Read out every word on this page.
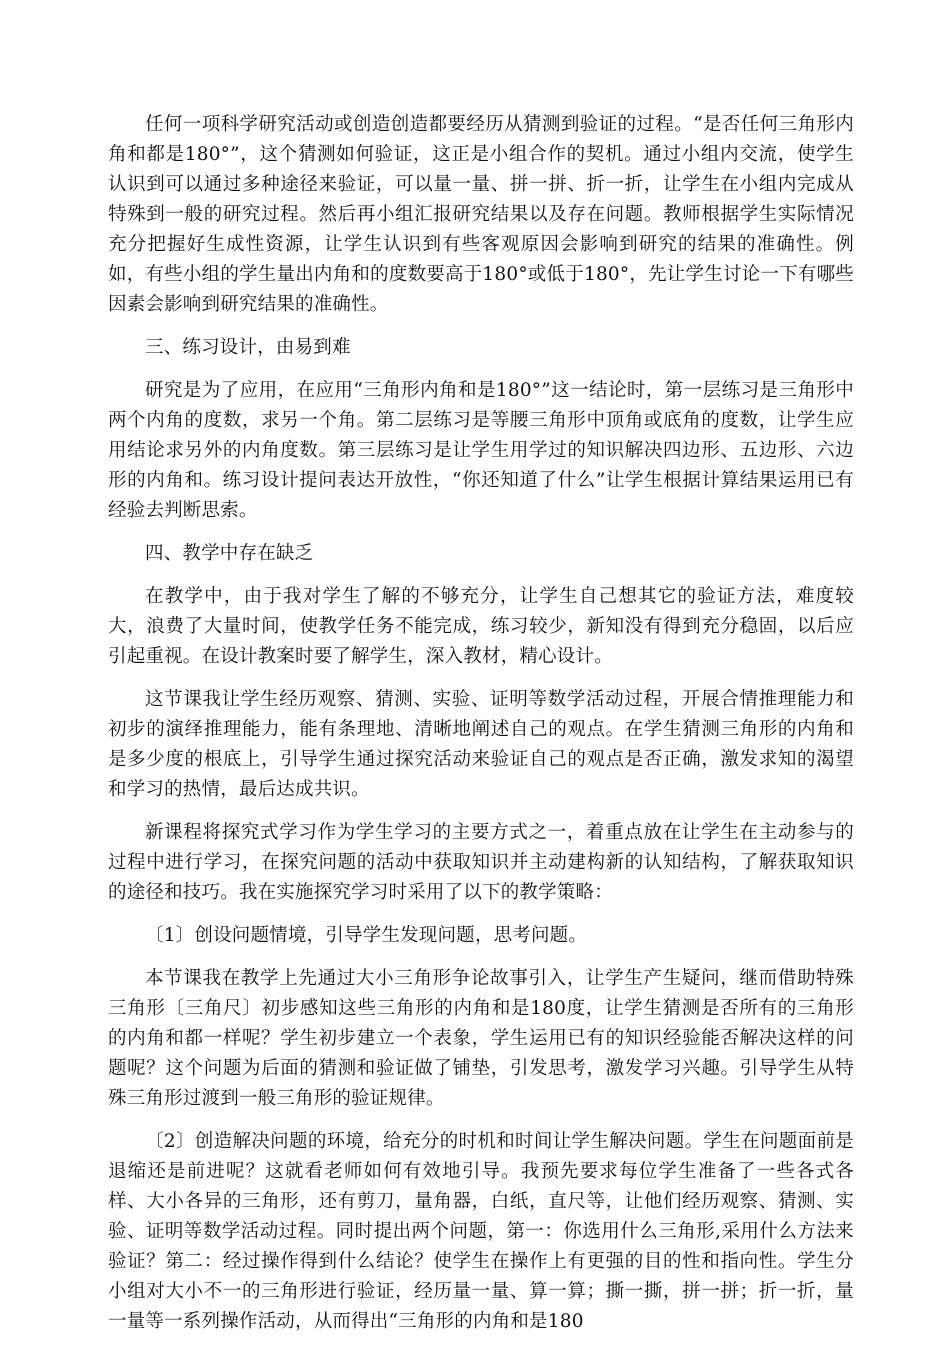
任何一项科学研究活动或创造创造都要经历从猜测到验证的过程。“是否任何三角形内角和都是180°”，这个猜测如何验证，这正是小组合作的契机。通过小组内交流，使学生认识到可以通过多种途径来验证，可以量一量、拼一拼、折一折，让学生在小组内完成从特殊到一般的研究过程。然后再小组汇报研究结果以及存在问题。教师根据学生实际情况充分把握好生成性资源，让学生认识到有些客观原因会影响到研究的结果的准确性。例如，有些小组的学生量出内角和的度数要高于180°或低于180°，先让学生讨论一下有哪些因素会影响到研究结果的准确性。

三、练习设计，由易到难

研究是为了应用，在应用“三角形内角和是180°”这一结论时，第一层练习是三角形中两个内角的度数，求另一个角。第二层练习是等腰三角形中顶角或底角的度数，让学生应用结论求另外的内角度数。第三层练习是让学生用学过的知识解决四边形、五边形、六边形的内角和。练习设计提问表达开放性，“你还知道了什么”让学生根据计算结果运用已有经验去判断思索。

四、教学中存在缺乏

在教学中，由于我对学生了解的不够充分，让学生自己想其它的验证方法，难度较大，浪费了大量时间，使教学任务不能完成，练习较少，新知没有得到充分稳固，以后应引起重视。在设计教案时要了解学生，深入教材，精心设计。

这节课我让学生经历观察、猜测、实验、证明等数学活动过程，开展合情推理能力和初步的演绎推理能力，能有条理地、清晰地阐述自己的观点。在学生猜测三角形的内角和是多少度的根底上，引导学生通过探究活动来验证自己的观点是否正确，激发求知的渴望和学习的热情，最后达成共识。

新课程将探究式学习作为学生学习的主要方式之一，着重点放在让学生在主动参与的过程中进行学习，在探究问题的活动中获取知识并主动建构新的认知结构，了解获取知识的途径和技巧。我在实施探究学习时采用了以下的教学策略：

〔1〕创设问题情境，引导学生发现问题，思考问题。

本节课我在教学上先通过大小三角形争论故事引入，让学生产生疑问，继而借助特殊三角形〔三角尺〕初步感知这些三角形的内角和是180度，让学生猜测是否所有的三角形的内角和都一样呢？学生初步建立一个表象，学生运用已有的知识经验能否解决这样的问题呢？这个问题为后面的猜测和验证做了铺垫，引发思考，激发学习兴趣。引导学生从特殊三角形过渡到一般三角形的验证规律。

〔2〕创造解决问题的环境，给充分的时机和时间让学生解决问题。学生在问题面前是退缩还是前进呢？这就看老师如何有效地引导。我预先要求每位学生准备了一些各式各样、大小各异的三角形，还有剪刀，量角器，白纸，直尺等，让他们经历观察、猜测、实验、证明等数学活动过程。同时提出两个问题，第一：你选用什么三角形,采用什么方法来验证？第二：经过操作得到什么结论？使学生在操作上有更强的目的性和指向性。学生分小组对大小不一的三角形进行验证，经历量一量、算一算；撕一撕，拼一拼；折一折，量一量等一系列操作活动，从而得出“三角形的内角和是180
